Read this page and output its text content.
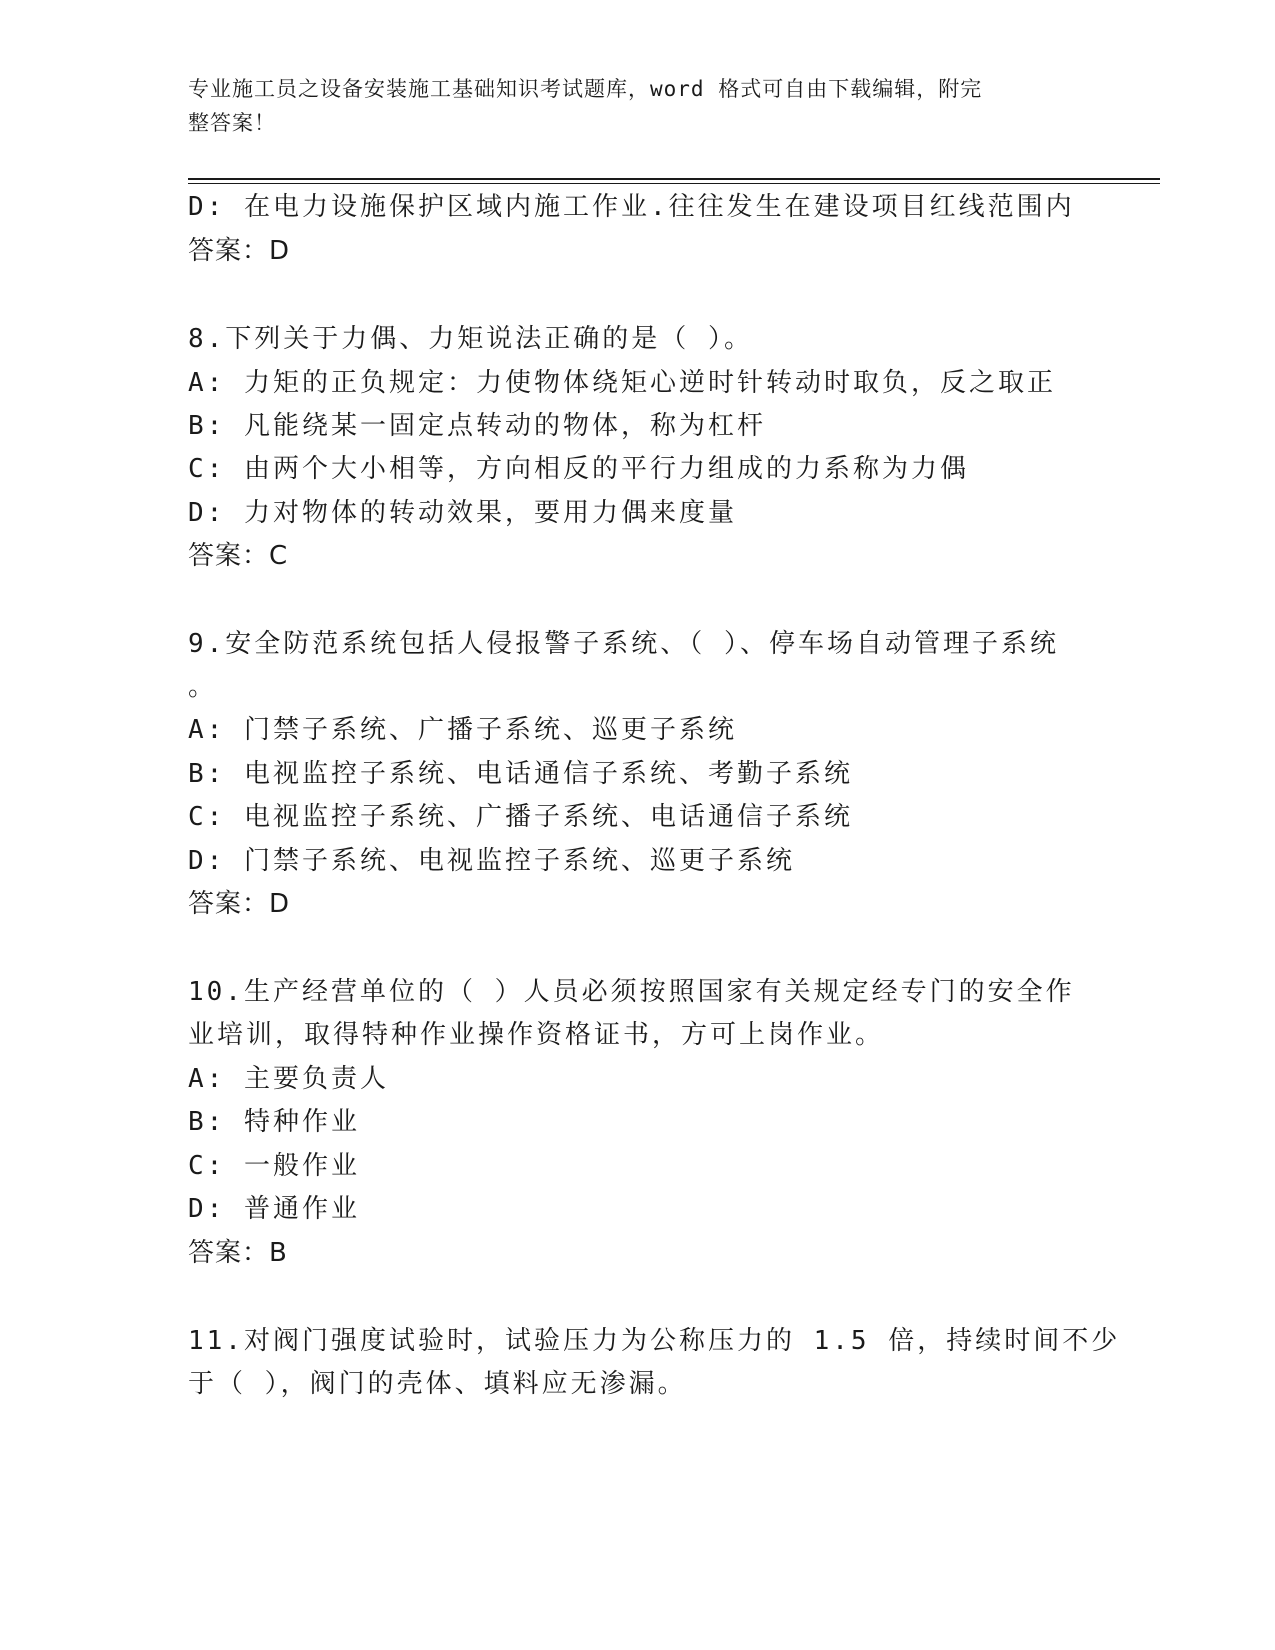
专业施工员之设备安装施工基础知识考试题库，word 格式可自由下载编辑，附完
整答案！
D: 在电力设施保护区域内施工作业.往往发生在建设项目红线范围内
答案：D
8.下列关于力偶、力矩说法正确的是（ ）。
A: 力矩的正负规定：力使物体绕矩心逆时针转动时取负，反之取正
B: 凡能绕某一固定点转动的物体，称为杠杆
C: 由两个大小相等，方向相反的平行力组成的力系称为力偶
D: 力对物体的转动效果，要用力偶来度量
答案：C
9.安全防范系统包括人侵报警子系统、（ ）、停车场自动管理子系统
。
A: 门禁子系统、广播子系统、巡更子系统
B: 电视监控子系统、电话通信子系统、考勤子系统
C: 电视监控子系统、广播子系统、电话通信子系统
D: 门禁子系统、电视监控子系统、巡更子系统
答案：D
10.生产经营单位的（ ）人员必须按照国家有关规定经专门的安全作
业培训，取得特种作业操作资格证书，方可上岗作业。
A: 主要负责人
B: 特种作业
C: 一般作业
D: 普通作业
答案：B
11.对阀门强度试验时，试验压力为公称压力的 1.5 倍，持续时间不少
于（ ），阀门的壳体、填料应无渗漏。
